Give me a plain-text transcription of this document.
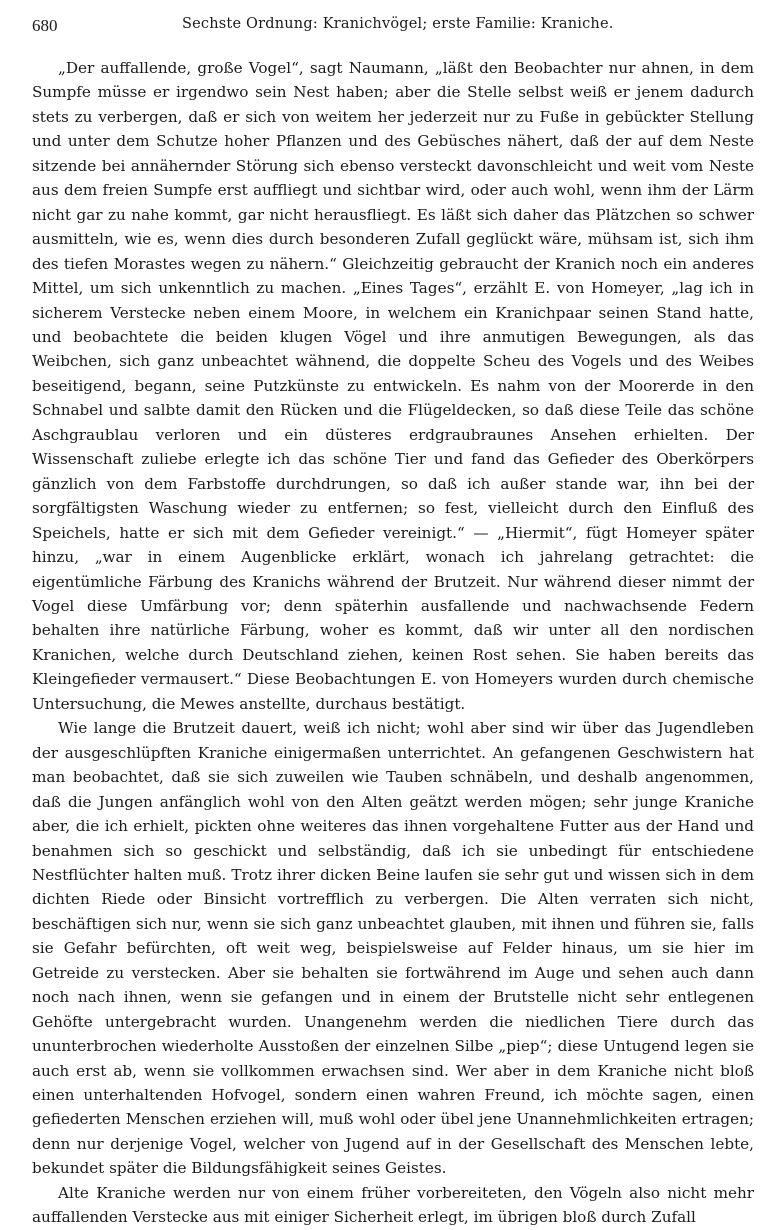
680	Sechste Ordnung: Kranichvögel; erste Familie: Kraniche.

„Der auffallende, große Vogel“, sagt Naumann, „läßt den Beobachter nur ahnen, in dem Sumpfe müsse er irgendwo sein Nest haben; aber die Stelle selbst weiß er jenem dadurch stets zu verbergen, daß er sich von weitem her jederzeit nur zu Fuße in gebückter Stellung und unter dem Schutze hoher Pflanzen und des Gebüsches nähert, daß der auf dem Neste sitzende bei annähernder Störung sich ebenso versteckt davonschleicht und weit vom Neste aus dem freien Sumpfe erst auffliegt und sichtbar wird, oder auch wohl, wenn ihm der Lärm nicht gar zu nahe kommt, gar nicht herausfliegt. Es läßt sich daher das Plätzchen so schwer ausmitteln, wie es, wenn dies durch besonderen Zufall geglückt wäre, mühsam ist, sich ihm des tiefen Morastes wegen zu nähern.“ Gleichzeitig gebraucht der Kranich noch ein anderes Mittel, um sich unkenntlich zu machen. „Eines Tages“, erzählt E. von Homeyer, „lag ich in sicherem Verstecke neben einem Moore, in welchem ein Kranichpaar seinen Stand hatte, und beobachtete die beiden klugen Vögel und ihre anmutigen Bewegungen, als das Weibchen, sich ganz unbeachtet wähnend, die doppelte Scheu des Vogels und des Weibes beseitigend, begann, seine Putzkünste zu entwickeln. Es nahm von der Moorerde in den Schnabel und salbte damit den Rücken und die Flügeldecken, so daß diese Teile das schöne Aschgraublau verloren und ein düsteres erdgraubraunes Ansehen erhielten. Der Wissenschaft zuliebe erlegte ich das schöne Tier und fand das Gefieder des Oberkörpers gänzlich von dem Farbstoffe durchdrungen, so daß ich außer stande war, ihn bei der sorgfältigsten Waschung wieder zu entfernen; so fest, vielleicht durch den Einfluß des Speichels, hatte er sich mit dem Gefieder vereinigt.“ — „Hiermit“, fügt Homeyer später hinzu, „war in einem Augenblicke erklärt, wonach ich jahrelang getrachtet: die eigentümliche Färbung des Kranichs während der Brutzeit. Nur während dieser nimmt der Vogel diese Umfärbung vor; denn späterhin ausfallende und nachwachsende Federn behalten ihre natürliche Färbung, woher es kommt, daß wir unter all den nordischen Kranichen, welche durch Deutschland ziehen, keinen Rost sehen. Sie haben bereits das Kleingefieder vermausert.“ Diese Beobachtungen E. von Homeyers wurden durch chemische Untersuchung, die Mewes anstellte, durchaus bestätigt.

Wie lange die Brutzeit dauert, weiß ich nicht; wohl aber sind wir über das Jugendleben der ausgeschlüpften Kraniche einigermaßen unterrichtet. An gefangenen Geschwistern hat man beobachtet, daß sie sich zuweilen wie Tauben schnäbeln, und deshalb angenommen, daß die Jungen anfänglich wohl von den Alten geätzt werden mögen; sehr junge Kraniche aber, die ich erhielt, pickten ohne weiteres das ihnen vorgehaltene Futter aus der Hand und benahmen sich so geschickt und selbständig, daß ich sie unbedingt für entschiedene Nestflüchter halten muß. Trotz ihrer dicken Beine laufen sie sehr gut und wissen sich in dem dichten Riede oder Binsicht vortrefflich zu verbergen. Die Alten verraten sich nicht, beschäftigen sich nur, wenn sie sich ganz unbeachtet glauben, mit ihnen und führen sie, falls sie Gefahr befürchten, oft weit weg, beispielsweise auf Felder hinaus, um sie hier im Getreide zu verstecken. Aber sie behalten sie fortwährend im Auge und sehen auch dann noch nach ihnen, wenn sie gefangen und in einem der Brutstelle nicht sehr entlegenen Gehöfte untergebracht wurden. Unangenehm werden die niedlichen Tiere durch das ununterbrochen wiederholte Ausstoßen der einzelnen Silbe „piep“; diese Untugend legen sie auch erst ab, wenn sie vollkommen erwachsen sind. Wer aber in dem Kraniche nicht bloß einen unterhaltenden Hofvogel, sondern einen wahren Freund, ich möchte sagen, einen gefiederten Menschen erziehen will, muß wohl oder übel jene Unannehmlichkeiten ertragen; denn nur derjenige Vogel, welcher von Jugend auf in der Gesellschaft des Menschen lebte, bekundet später die Bildungsfähigkeit seines Geistes.

Alte Kraniche werden nur von einem früher vorbereiteten, den Vögeln also nicht mehr auffallenden Verstecke aus mit einiger Sicherheit erlegt, im übrigen bloß durch Zufall
